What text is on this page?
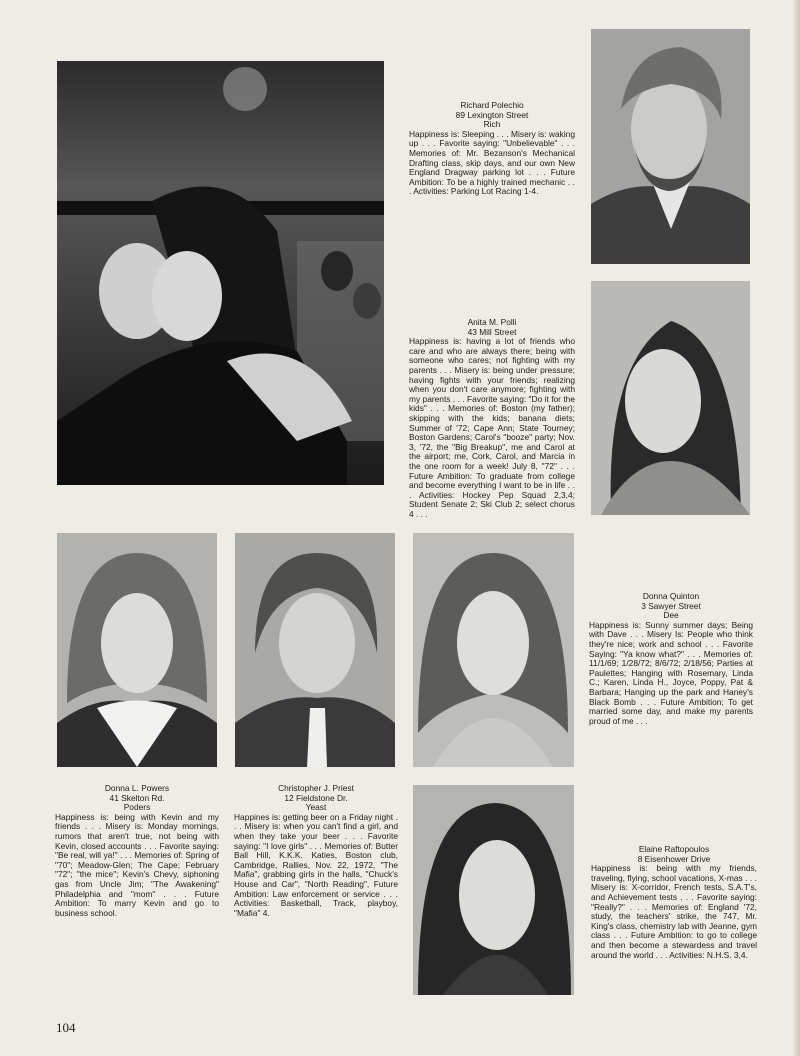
Richard Polechio
89 Lexington Street
Rich
Happiness is: Sleeping . . . Misery is: waking up . . . Favorite saying: "Unbelievable" . . . Memories of: Mr. Bezanson's Mechanical Drafting class, skip days, and our own New England Dragway parking lot . . . Future Ambition: To be a highly trained mechanic . . . Activities: Parking Lot Racing 1-4.
Anita M. Polli
43 Mill Street
Happiness is: having a lot of friends who care and who are always there; being with someone who cares; not fighting with my parents . . . Misery is: being under pressure; having fights with your friends; realizing when you don't care anymore; fighting with my parents . . . Favorite saying: "Do it for the kids" . . . Memories of: Boston (my father); skipping with the kids; banana diets; Summer of '72; Cape Ann; State Tourney; Boston Gardens; Carol's "booze" party; Nov. 3, '72, the "Big Breakup", me and Carol at the airport; me, Cork, Carol, and Marcia in the one room for a week! July 8, "72" . . . Future Ambition: To graduate from college and become everything I want to be in life . . . Activities: Hockey Pep Squad 2,3,4; Student Senate 2; Ski Club 2; select chorus 4 . . .
Donna Quinton
3 Sawyer Street
Dee
Happiness is: Sunny summer days; Being with Dave . . . Misery Is: People who think they're nice; work and school . . . Favorite Saying: "Ya know what?" . . . Memories of: 11/1/69; 1/28/72; 8/6/72; 2/18/56; Parties at Paulettes; Hanging with Rosemary, Linda C.; Karen, Linda H., Joyce, Poppy, Pat & Barbara; Hanging up the park and Haney's Black Bomb . . . Future Ambition; To get married some day, and make my parents proud of me . . .
Donna L. Powers
41 Skelton Rd.
Poders
Happiness is: being with Kevin and my friends . . . Misery is: Monday mornings, rumors that aren't true, not being with Kevin, closed accounts . . . Favorite saying: "Be real, will ya!" . . . Memories of: Spring of "70"; Meadow-Glen; The Cape; February "72"; "the mice"; Kevin's Chevy, siphoning gas from Uncle Jim; "The Awakening" Philadelphia and "mom" . . . Future Ambition: To marry Kevin and go to business school.
Christopher J. Priest
12 Fieldstone Dr.
Yeast
Happines is: getting beer on a Friday night . . . Misery is: when you can't find a girl, and when they take your beer . . . Favorite saying: "I love girls" . . . Memories of: Butter Ball Hill, K.K.K. Katies, Boston club, Cambridge, Rallies, Nov. 22, 1972, "The Mafia", grabbing girls in the halls, "Chuck's House and Car", "North Reading", Future Ambition: Law enforcement or service . . . Activities: Basketball, Track, playboy, "Mafia" 4.
Elaine Raftopoulos
8 Eisenhower Drive
Happiness is: being with my friends, traveling, flying, school vacations, X-mas . . . Misery is: X-corridor, French tests, S.A.T's, and Achievement tests . . . Favorite saying: "Really?" . . . Memories of: England '72, study, the teachers' strike, the 747, Mr. King's class, chemistry lab with Jeanne, gym class . . . Future Ambition: to go to college and then become a stewardess and travel around the world . . . Activities: N.H.S. 3,4.
104
